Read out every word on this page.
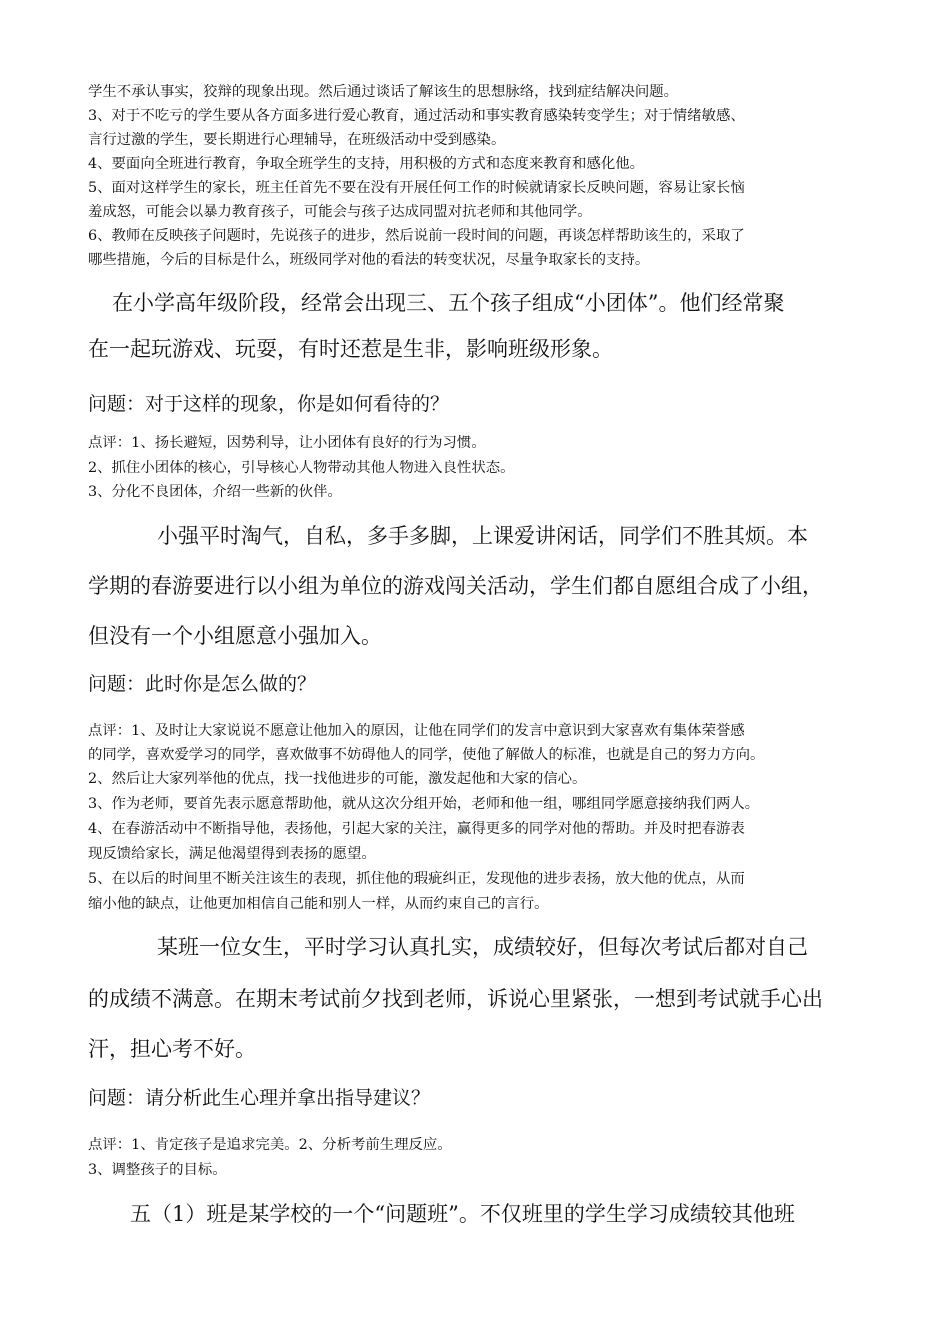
学生不承认事实，狡辩的现象出现。然后通过谈话了解该生的思想脉络，找到症结解决问题。
3、对于不吃亏的学生要从各方面多进行爱心教育，通过活动和事实教育感染转变学生；对于情绪敏感、
言行过激的学生，要长期进行心理辅导，在班级活动中受到感染。
4、要面向全班进行教育，争取全班学生的支持，用积极的方式和态度来教育和感化他。
5、面对这样学生的家长，班主任首先不要在没有开展任何工作的时候就请家长反映问题，容易让家长恼
羞成怒，可能会以暴力教育孩子，可能会与孩子达成同盟对抗老师和其他同学。
6、教师在反映孩子问题时，先说孩子的进步，然后说前一段时间的问题，再谈怎样帮助该生的，采取了
哪些措施，今后的目标是什么，班级同学对他的看法的转变状况，尽量争取家长的支持。
在小学高年级阶段，经常会出现三、五个孩子组成“小团体”。他们经常聚
在一起玩游戏、玩耍，有时还惹是生非，影响班级形象。
问题：对于这样的现象，你是如何看待的？
点评：1、扬长避短，因势利导，让小团体有良好的行为习惯。
2、抓住小团体的核心，引导核心人物带动其他人物进入良性状态。
3、分化不良团体，介绍一些新的伙伴。
小强平时淘气，自私，多手多脚，上课爱讲闲话，同学们不胜其烦。本
学期的春游要进行以小组为单位的游戏闯关活动，学生们都自愿组合成了小组，
但没有一个小组愿意小强加入。
问题：此时你是怎么做的？
点评：1、及时让大家说说不愿意让他加入的原因，让他在同学们的发言中意识到大家喜欢有集体荣誉感
的同学，喜欢爱学习的同学，喜欢做事不妨碍他人的同学，使他了解做人的标准，也就是自己的努力方向。
2、然后让大家列举他的优点，找一找他进步的可能，激发起他和大家的信心。
3、作为老师，要首先表示愿意帮助他，就从这次分组开始，老师和他一组，哪组同学愿意接纳我们两人。
4、在春游活动中不断指导他，表扬他，引起大家的关注，赢得更多的同学对他的帮助。并及时把春游表
现反馈给家长，满足他渴望得到表扬的愿望。
5、在以后的时间里不断关注该生的表现，抓住他的瑕疵纠正，发现他的进步表扬，放大他的优点，从而
缩小他的缺点，让他更加相信自己能和别人一样，从而约束自己的言行。
某班一位女生，平时学习认真扎实，成绩较好，但每次考试后都对自己
的成绩不满意。在期末考试前夕找到老师，诉说心里紧张，一想到考试就手心出
汗，担心考不好。
问题：请分析此生心理并拿出指导建议？
点评：1、肯定孩子是追求完美。2、分析考前生理反应。
3、调整孩子的目标。
五（1）班是某学校的一个“问题班”。不仅班里的学生学习成绩较其他班
